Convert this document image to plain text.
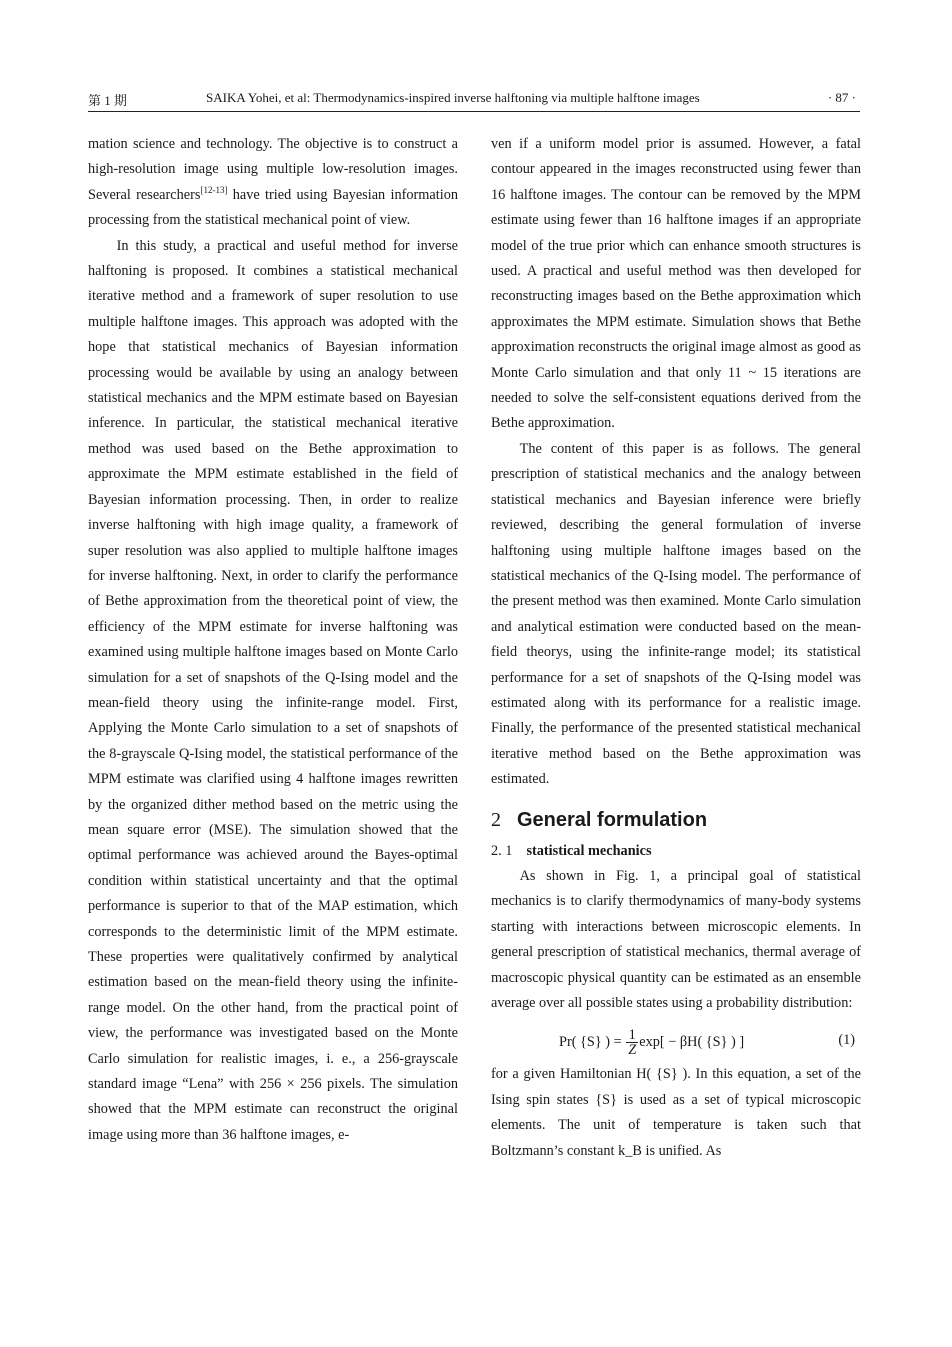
第 1 期	SAIKA Yohei, et al: Thermodynamics-inspired inverse halftoning via multiple halftone images	· 87 ·

mation science and technology. The objective is to construct a high-resolution image using multiple low-resolution images. Several researchers[12-13] have tried using Bayesian information processing from the statistical mechanical point of view.

In this study, a practical and useful method for inverse halftoning is proposed. It combines a statistical mechanical iterative method and a framework of super resolution to use multiple halftone images. This approach was adopted with the hope that statistical mechanics of Bayesian information processing would be available by using an analogy between statistical mechanics and the MPM estimate based on Bayesian inference. In particular, the statistical mechanical iterative method was used based on the Bethe approximation to approximate the MPM estimate established in the field of Bayesian information processing. Then, in order to realize inverse halftoning with high image quality, a framework of super resolution was also applied to multiple halftone images for inverse halftoning. Next, in order to clarify the performance of Bethe approximation from the theoretical point of view, the efficiency of the MPM estimate for inverse halftoning was examined using multiple halftone images based on Monte Carlo simulation for a set of snapshots of the Q-Ising model and the mean-field theory using the infinite-range model. First, Applying the Monte Carlo simulation to a set of snapshots of the 8-grayscale Q-Ising model, the statistical performance of the MPM estimate was clarified using 4 halftone images rewritten by the organized dither method based on the metric using the mean square error (MSE). The simulation showed that the optimal performance was achieved around the Bayes-optimal condition within statistical uncertainty and that the optimal performance is superior to that of the MAP estimation, which corresponds to the deterministic limit of the MPM estimate. These properties were qualitatively confirmed by analytical estimation based on the mean-field theory using the infinite-range model. On the other hand, from the practical point of view, the performance was investigated based on the Monte Carlo simulation for realistic images, i. e., a 256-grayscale standard image “Lena” with 256 × 256 pixels. The simulation showed that the MPM estimate can reconstruct the original image using more than 36 halftone images, e-

ven if a uniform model prior is assumed. However, a fatal contour appeared in the images reconstructed using fewer than 16 halftone images. The contour can be removed by the MPM estimate using fewer than 16 halftone images if an appropriate model of the true prior which can enhance smooth structures is used. A practical and useful method was then developed for reconstructing images based on the Bethe approximation which approximates the MPM estimate. Simulation shows that Bethe approximation reconstructs the original image almost as good as Monte Carlo simulation and that only 11 ~ 15 iterations are needed to solve the self-consistent equations derived from the Bethe approximation.

The content of this paper is as follows. The general prescription of statistical mechanics and the analogy between statistical mechanics and Bayesian inference were briefly reviewed, describing the general formulation of inverse halftoning using multiple halftone images based on the statistical mechanics of the Q-Ising model. The performance of the present method was then examined. Monte Carlo simulation and analytical estimation were conducted based on the mean-field theorys, using the infinite-range model; its statistical performance for a set of snapshots of the Q-Ising model was estimated along with its performance for a realistic image. Finally, the performance of the presented statistical mechanical iterative method based on the Bethe approximation was estimated.

2 General formulation

2. 1 statistical mechanics

As shown in Fig. 1, a principal goal of statistical mechanics is to clarify thermodynamics of many-body systems starting with interactions between microscopic elements. In general prescription of statistical mechanics, thermal average of macroscopic physical quantity can be estimated as an ensemble average over all possible states using a probability distribution:

Pr( {S} ) = $\frac{1}{Z} \exp[ - \beta H$( {S} ) ]	(1)

for a given Hamiltonian H( {S} ). In this equation, a set of the Ising spin states {S} is used as a set of typical microscopic elements. The unit of temperature is taken such that Boltzmann’s constant k_B is unified. As
